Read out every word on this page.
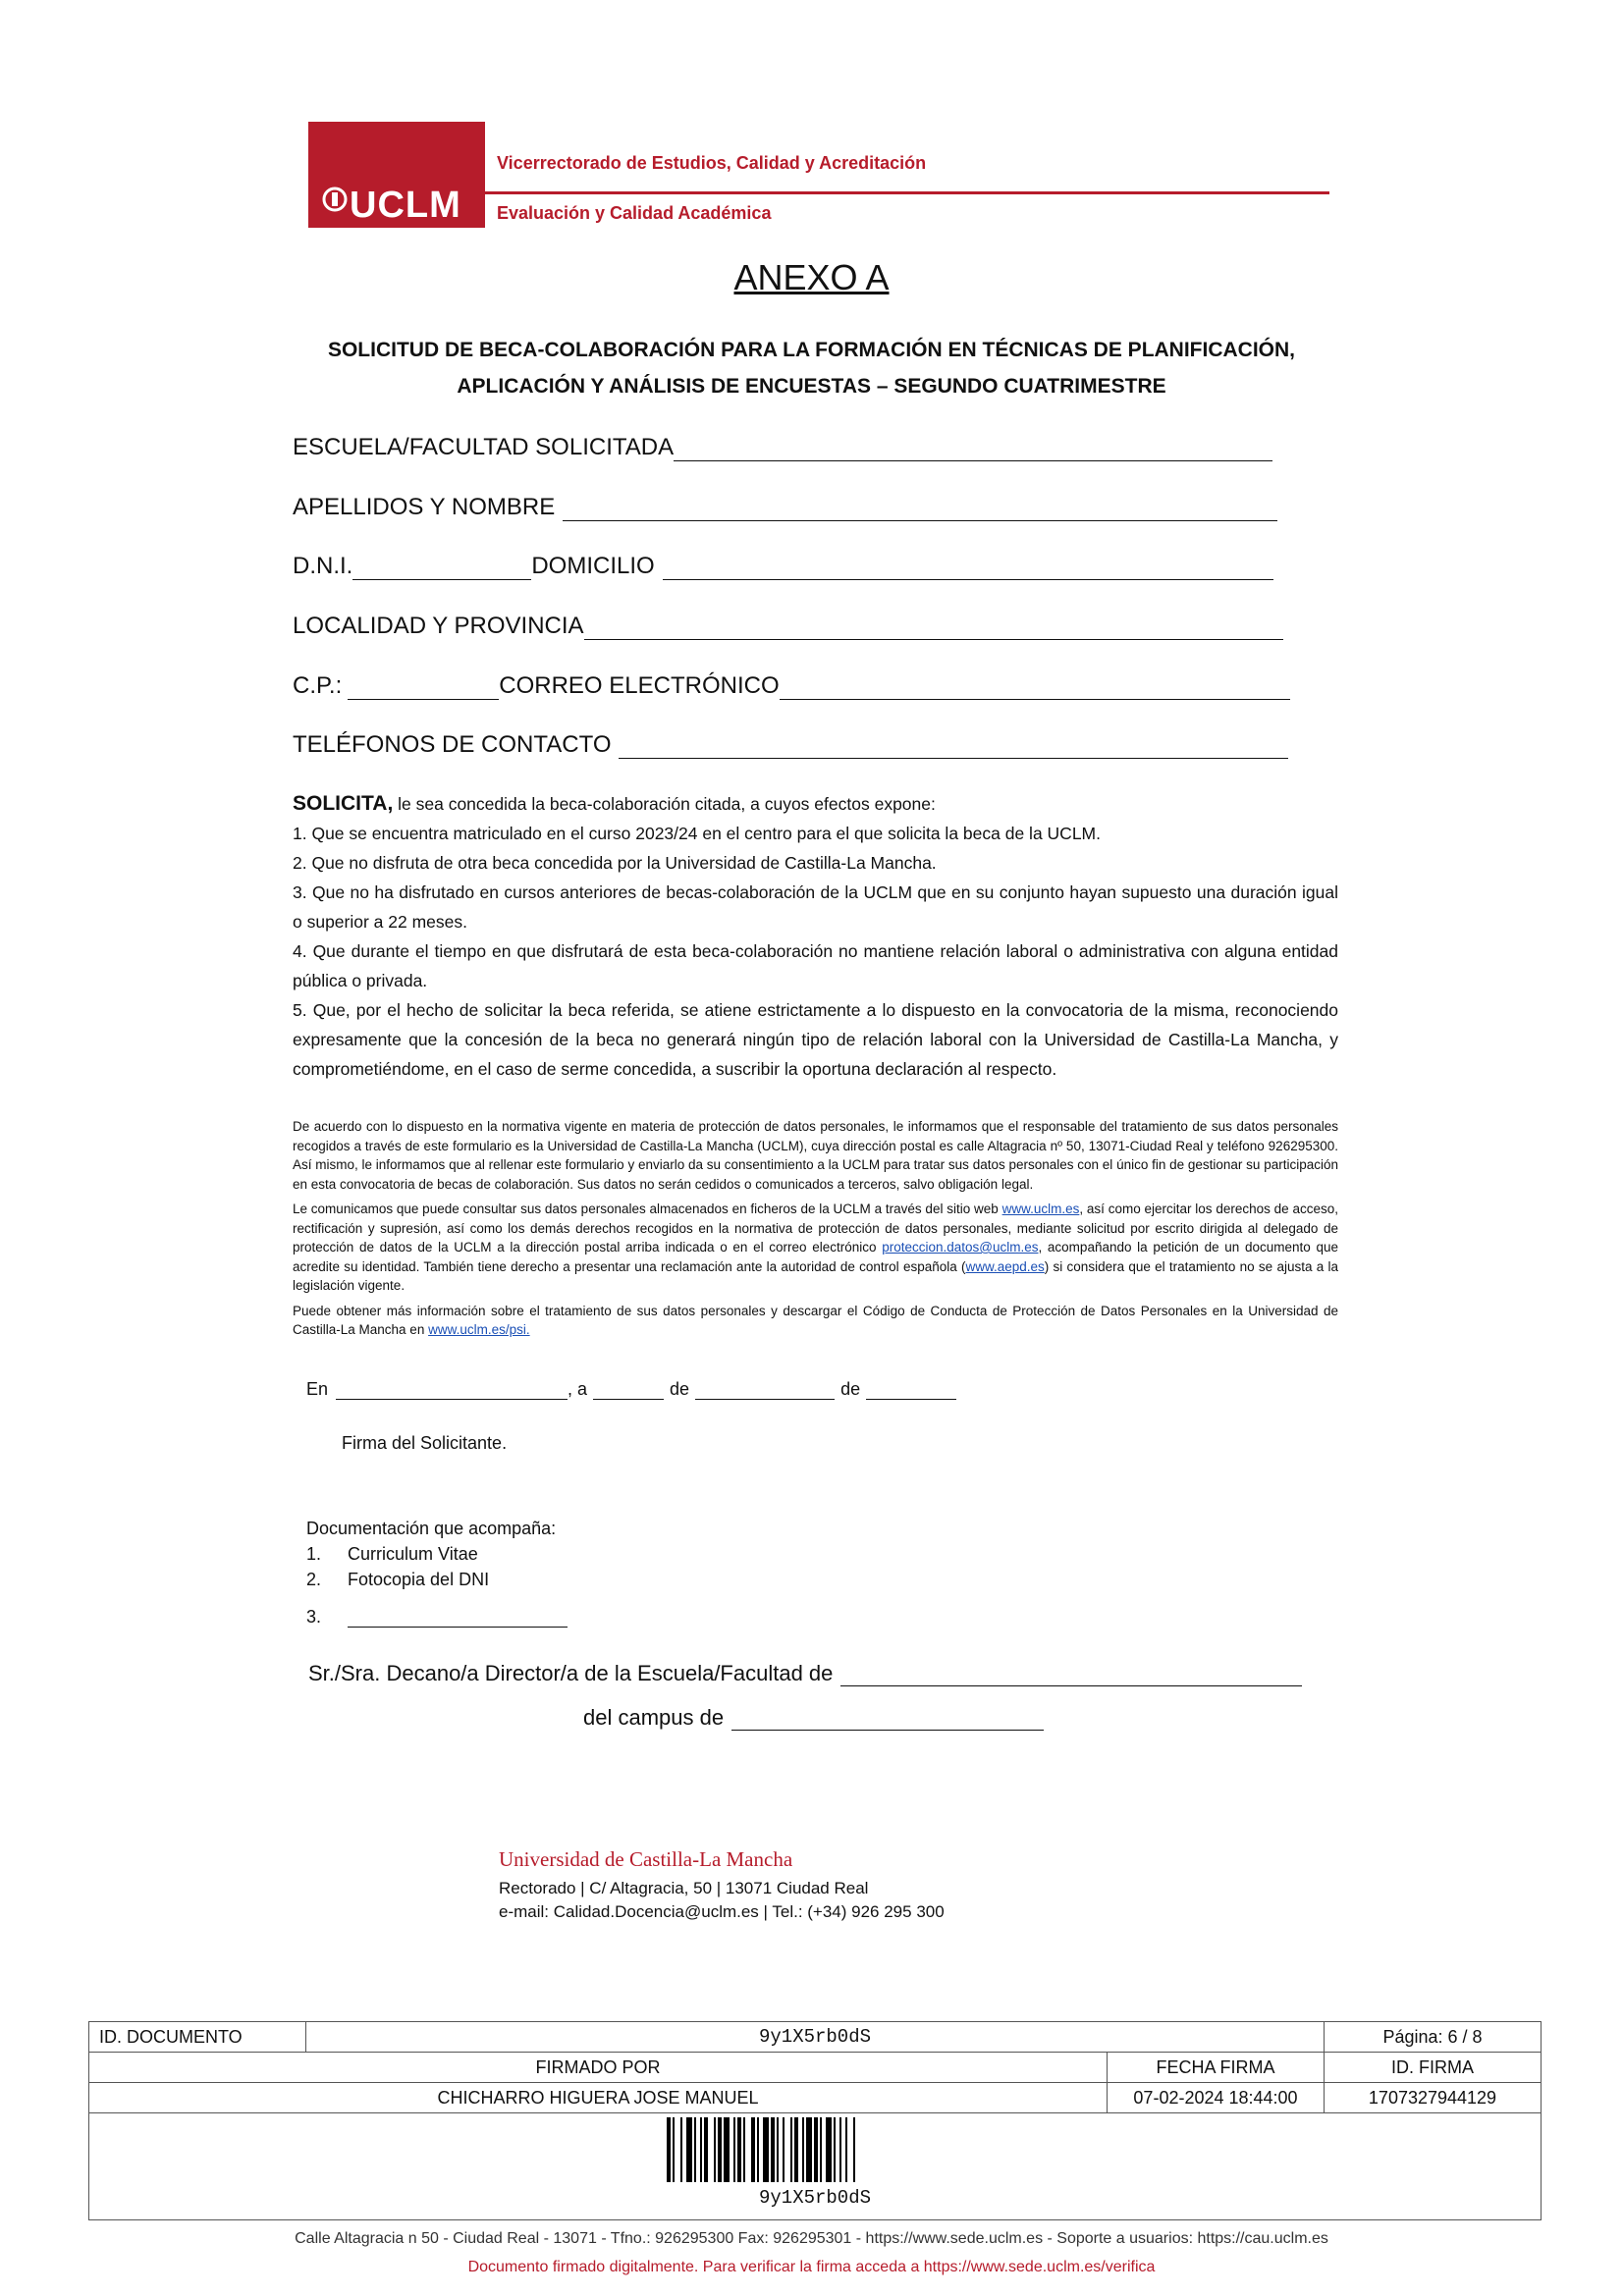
UCLM
Vicerrectorado de Estudios, Calidad y Acreditación
Evaluación y Calidad Académica
ANEXO A
SOLICITUD DE BECA-COLABORACIÓN PARA LA FORMACIÓN EN TÉCNICAS DE PLANIFICACIÓN,
APLICACIÓN Y ANÁLISIS DE ENCUESTAS – SEGUNDO CUATRIMESTRE
ESCUELA/FACULTAD SOLICITADA
APELLIDOS Y NOMBRE
D.N.I.	DOMICILIO
LOCALIDAD Y PROVINCIA
C.P.:	CORREO ELECTRÓNICO
TELÉFONOS DE CONTACTO
SOLICITA, le sea concedida la beca-colaboración citada, a cuyos efectos expone:
1. Que se encuentra matriculado en el curso 2023/24 en el centro para el que solicita la beca de la UCLM.
2. Que no disfruta de otra beca concedida por la Universidad de Castilla-La Mancha.
3. Que no ha disfrutado en cursos anteriores de becas-colaboración de la UCLM que en su conjunto hayan supuesto una duración igual o superior a 22 meses.
4. Que durante el tiempo en que disfrutará de esta beca-colaboración no mantiene relación laboral o administrativa con alguna entidad pública o privada.
5. Que, por el hecho de solicitar la beca referida, se atiene estrictamente a lo dispuesto en la convocatoria de la misma, reconociendo expresamente que la concesión de la beca no generará ningún tipo de relación laboral con la Universidad de Castilla-La Mancha, y comprometiéndome, en el caso de serme concedida, a suscribir la oportuna declaración al respecto.
De acuerdo con lo dispuesto en la normativa vigente en materia de protección de datos personales, le informamos que el responsable del tratamiento de sus datos personales recogidos a través de este formulario es la Universidad de Castilla-La Mancha (UCLM), cuya dirección postal es calle Altagracia nº 50, 13071-Ciudad Real y teléfono 926295300. Así mismo, le informamos que al rellenar este formulario y enviarlo da su consentimiento a la UCLM para tratar sus datos personales con el único fin de gestionar su participación en esta convocatoria de becas de colaboración. Sus datos no serán cedidos o comunicados a terceros, salvo obligación legal.
Le comunicamos que puede consultar sus datos personales almacenados en ficheros de la UCLM a través del sitio web www.uclm.es, así como ejercitar los derechos de acceso, rectificación y supresión, así como los demás derechos recogidos en la normativa de protección de datos personales, mediante solicitud por escrito dirigida al delegado de protección de datos de la UCLM a la dirección postal arriba indicada o en el correo electrónico proteccion.datos@uclm.es, acompañando la petición de un documento que acredite su identidad. También tiene derecho a presentar una reclamación ante la autoridad de control española (www.aepd.es) si considera que el tratamiento no se ajusta a la legislación vigente.
Puede obtener más información sobre el tratamiento de sus datos personales y descargar el Código de Conducta de Protección de Datos Personales en la Universidad de Castilla-La Mancha en www.uclm.es/psi.
En	, a	de	de
Firma del Solicitante.
Documentación que acompaña:
1. Curriculum Vitae
2. Fotocopia del DNI
3.
Sr./Sra. Decano/a Director/a de la Escuela/Facultad de
del campus de
Universidad de Castilla-La Mancha
Rectorado | C/ Altagracia, 50 | 13071 Ciudad Real
e-mail: Calidad.Docencia@uclm.es | Tel.: (+34) 926 295 300
ID. DOCUMENTO	9y1X5rb0dS		Página: 6 / 8
FIRMADO POR		FECHA FIRMA	ID. FIRMA
CHICHARRO HIGUERA JOSE MANUEL		07-02-2024 18:44:00	1707327944129

9y1X5rb0dS			
Calle Altagracia n 50 - Ciudad Real - 13071 - Tfno.: 926295300 Fax: 926295301 - https://www.sede.uclm.es - Soporte a usuarios: https://cau.uclm.es
Documento firmado digitalmente. Para verificar la firma acceda a https://www.sede.uclm.es/verifica
